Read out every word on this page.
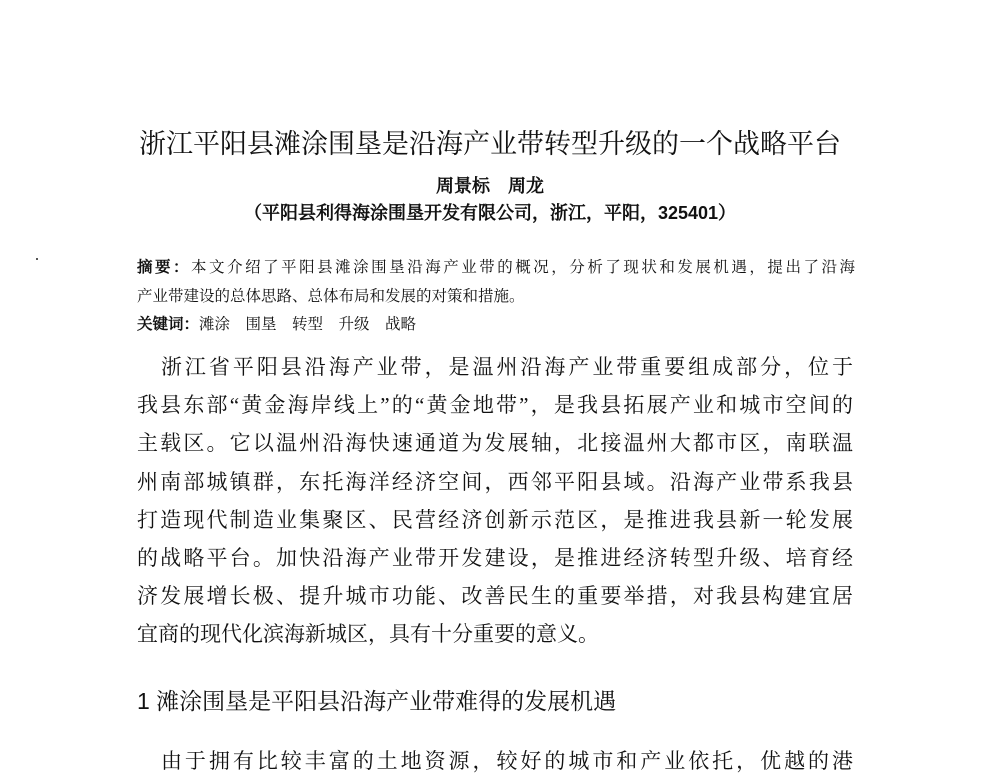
浙江平阳县滩涂围垦是沿海产业带转型升级的一个战略平台
周景标　周龙
（平阳县利得海涂围垦开发有限公司，浙江，平阳，325401）
摘要：本文介绍了平阳县滩涂围垦沿海产业带的概况，分析了现状和发展机遇，提出了沿海
产业带建设的总体思路、总体布局和发展的对策和措施。
关键词：滩涂　围垦　转型　升级　战略
　浙江省平阳县沿海产业带，是温州沿海产业带重要组成部分，位于
我县东部“黄金海岸线上”的“黄金地带”，是我县拓展产业和城市空间的
主载区。它以温州沿海快速通道为发展轴，北接温州大都市区，南联温
州南部城镇群，东托海洋经济空间，西邻平阳县域。沿海产业带系我县
打造现代制造业集聚区、民营经济创新示范区，是推进我县新一轮发展
的战略平台。加快沿海产业带开发建设，是推进经济转型升级、培育经
济发展增长极、提升城市功能、改善民生的重要举措，对我县构建宜居
宜商的现代化滨海新城区，具有十分重要的意义。
1 滩涂围垦是平阳县沿海产业带难得的发展机遇
　由于拥有比较丰富的土地资源，较好的城市和产业依托，优越的港
